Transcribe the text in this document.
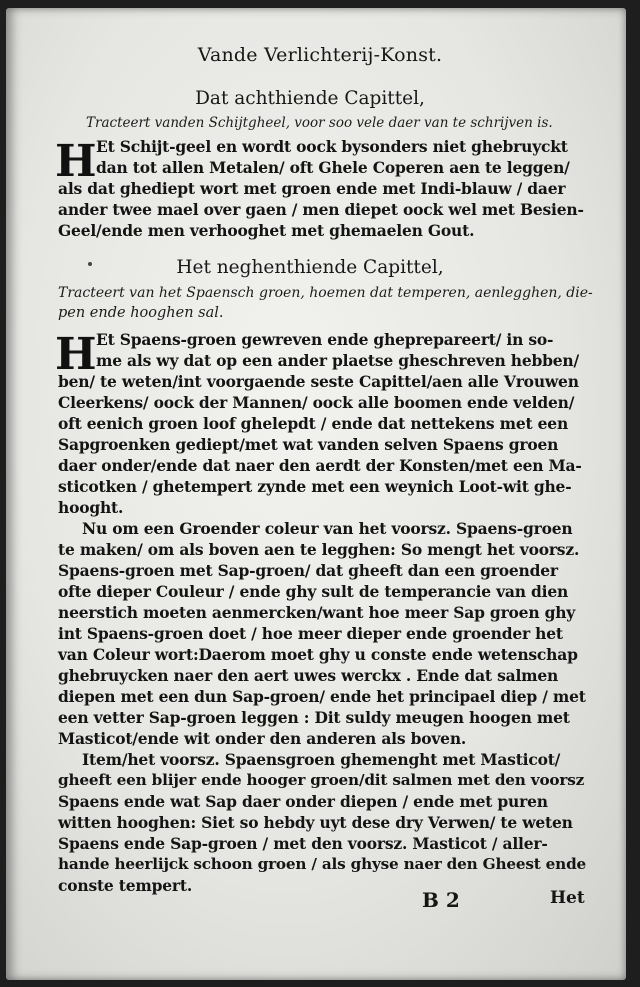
Vande Verlichterij-Konst.
Dat achthiende Capittel,
Tracteert vanden Schijtgheel, voor soo vele daer van te schrijven is.
H Et Schijt-geel en wordt oock bysonders niet ghebruyckt
dan tot allen Metalen/ oft Ghele Coperen aen te leggen/
als dat ghediept wort met groen ende met Indi-blauw / daer
ander twee mael over gaen / men diepet oock wel met Besien-
Geel/ende men verhooghet met ghemaelen Gout.
Het neghenthiende Capittel,
Tracteert van het Spaensch groen, hoemen dat temperen, aenlegghen, die-
pen ende hooghen sal.
H Et Spaens-groen gewreven ende gheprepareert/ in so-
me als wy dat op een ander plaetse gheschreven hebben/
ben/ te weten/int voorgaende seste Capittel/aen alle Vrouwen
Cleerkens/ oock der Mannen/ oock alle boomen ende velden/
oft eenich groen loof ghelepdt / ende dat nettekens met een
Sapgroenken gediept/met wat vanden selven Spaens groen
daer onder/ende dat naer den aerdt der Konsten/met een Ma-
sticotken / ghetempert zynde met een weynich Loot-wit ghe-
hooght.
Nu om een Groender coleur van het voorsz. Spaens-groen
te maken/ om als boven aen te legghen: So mengt het voorsz.
Spaens-groen met Sap-groen/ dat gheeft dan een groender
ofte dieper Couleur / ende ghy sult de temperancie van dien
neerstich moeten aenmercken/want hoe meer Sap groen ghy
int Spaens-groen doet / hoe meer dieper ende groender het
van Coleur wort:Daerom moet ghy u conste ende wetenschap
ghebruycken naer den aert uwes werckx . Ende dat salmen
diepen met een dun Sap-groen/ ende het principael diep / met
een vetter Sap-groen leggen : Dit suldy meugen hoogen met
Masticot/ende wit onder den anderen als boven.
Item/het voorsz. Spaensgroen ghemenght met Masticot/
gheeft een blijer ende hooger groen/dit salmen met den voorsz
Spaens ende wat Sap daer onder diepen / ende met puren
witten hooghen: Siet so hebdy uyt dese dry Verwen/ te weten
Spaens ende Sap-groen / met den voorsz. Masticot / aller-
hande heerlijck schoon groen / als ghyse naer den Gheest ende
conste tempert.
B 2	Het
